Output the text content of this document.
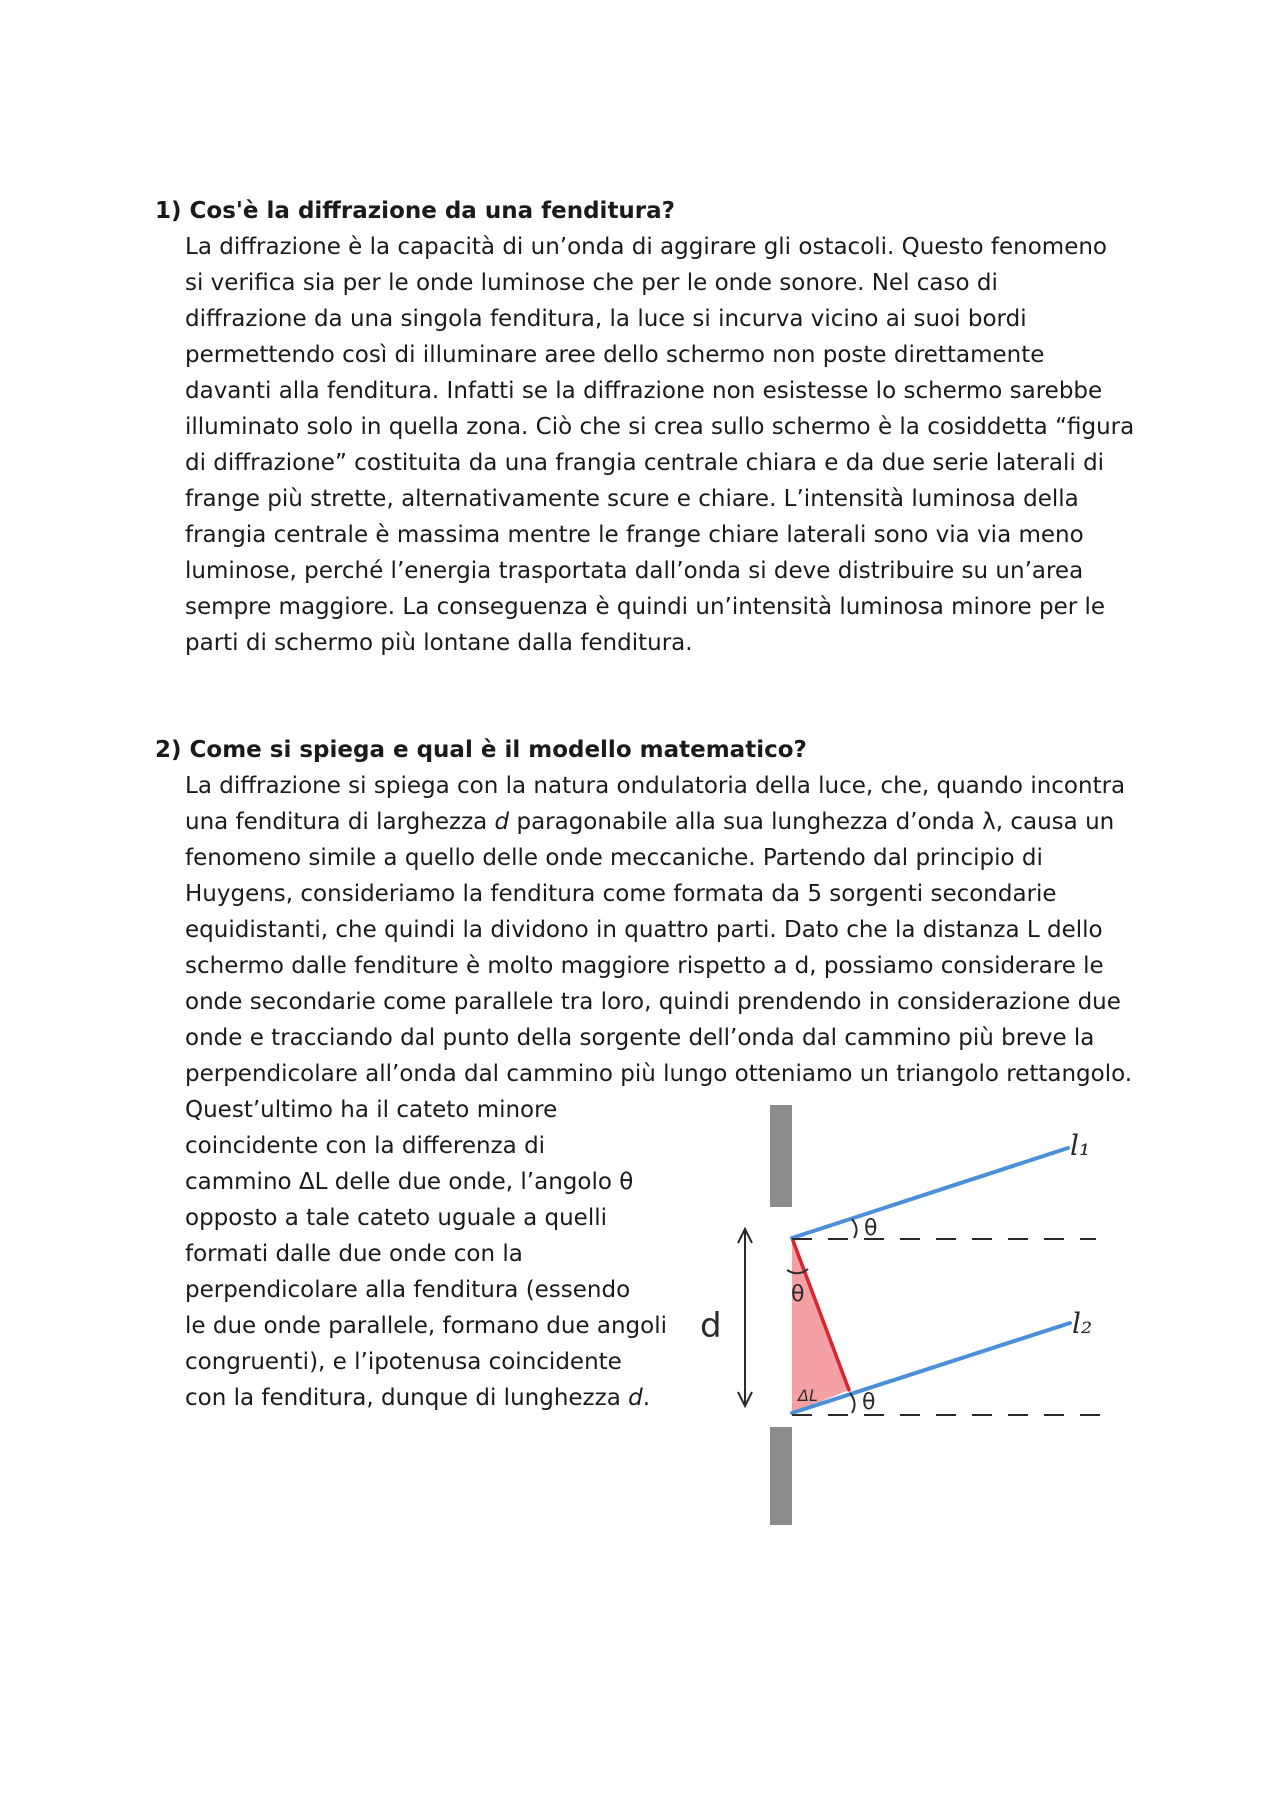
1) Cos'è la diffrazione da una fenditura?

La diffrazione è la capacità di un’onda di aggirare gli ostacoli. Questo fenomeno
si verifica sia per le onde luminose che per le onde sonore. Nel caso di
diffrazione da una singola fenditura, la luce si incurva vicino ai suoi bordi
permettendo così di illuminare aree dello schermo non poste direttamente
davanti alla fenditura. Infatti se la diffrazione non esistesse lo schermo sarebbe
illuminato solo in quella zona. Ciò che si crea sullo schermo è la cosiddetta “figura
di diffrazione” costituita da una frangia centrale chiara e da due serie laterali di
frange più strette, alternativamente scure e chiare. L’intensità luminosa della
frangia centrale è massima mentre le frange chiare laterali sono via via meno
luminose, perché l’energia trasportata dall’onda si deve distribuire su un’area
sempre maggiore. La conseguenza è quindi un’intensità luminosa minore per le
parti di schermo più lontane dalla fenditura.

2) Come si spiega e qual è il modello matematico?

La diffrazione si spiega con la natura ondulatoria della luce, che, quando incontra
una fenditura di larghezza d paragonabile alla sua lunghezza d’onda λ, causa un
fenomeno simile a quello delle onde meccaniche. Partendo dal principio di
Huygens, consideriamo la fenditura come formata da 5 sorgenti secondarie
equidistanti, che quindi la dividono in quattro parti. Dato che la distanza L dello
schermo dalle fenditure è molto maggiore rispetto a d, possiamo considerare le
onde secondarie come parallele tra loro, quindi prendendo in considerazione due
onde e tracciando dal punto della sorgente dell’onda dal cammino più breve la
perpendicolare all’onda dal cammino più lungo otteniamo un triangolo rettangolo.
Quest’ultimo ha il cateto minore
coincidente con la differenza di
cammino ΔL delle due onde, l’angolo θ
opposto a tale cateto uguale a quelli
formati dalle due onde con la
perpendicolare alla fenditura (essendo
le due onde parallele, formano due angoli
congruenti), e l’ipotenusa coincidente
con la fenditura, dunque di lunghezza d.
d
θ
θ
θ
ΔL
l₁
l₂
